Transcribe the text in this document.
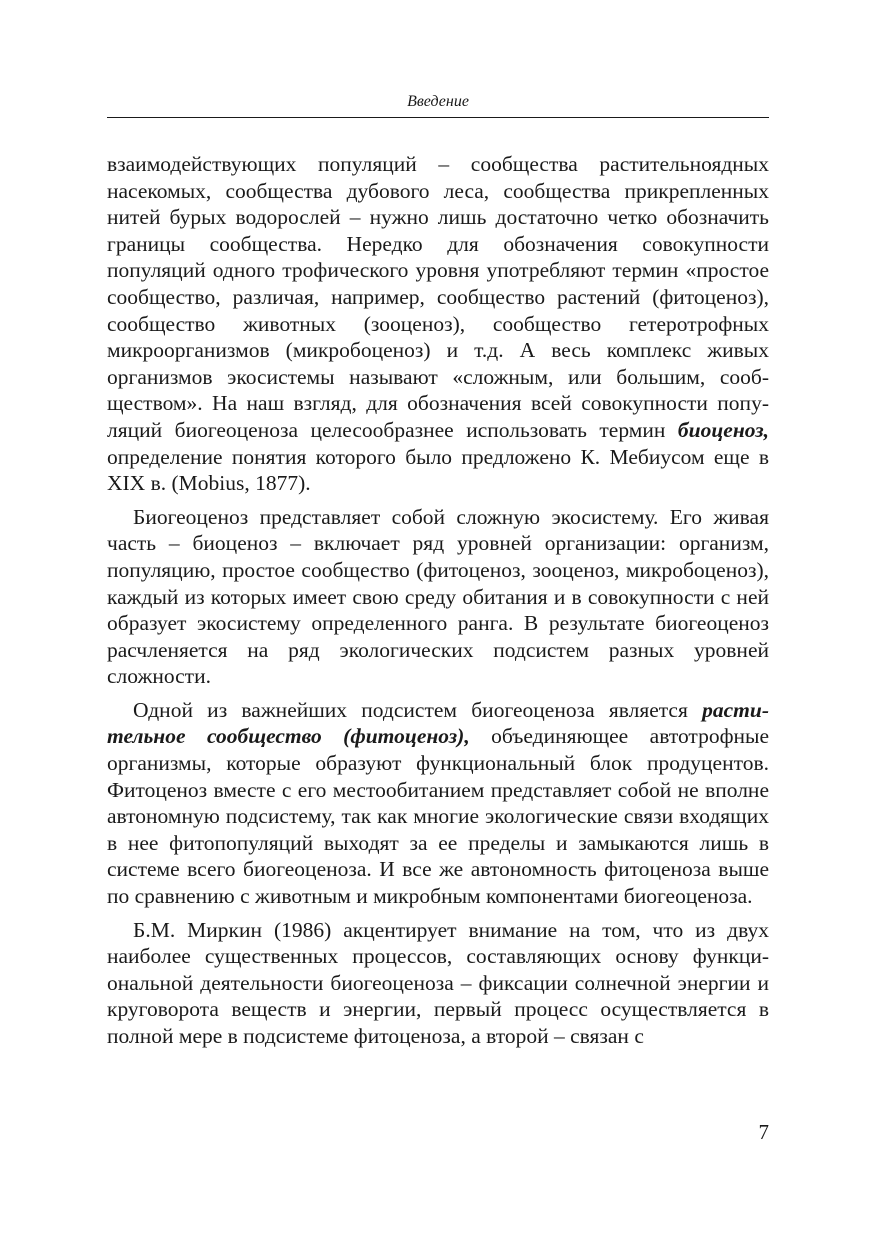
Введение

взаимодействующих популяций – сообщества растительноядных насекомых, сообщества дубового леса, сообщества прикрепленных нитей бурых водорослей – нужно лишь достаточно четко обозначить границы сообщества. Нередко для обозначения совокупности популяций одного трофического уровня употребляют термин «простое сообщество, различая, например, сообщество растений (фитоценоз), сообщество животных (зооценоз), сообщество гетеротрофных микроорганизмов (микробоценоз) и т.д. А весь комплекс живых организмов экосистемы называют «сложным, или большим, сообществом». На наш взгляд, для обозначения всей совокупности популяций биогеоценоза целесообразнее использовать термин биоценоз, определение понятия которого было предложено К. Мебиусом еще в XIX в. (Mobius, 1877).

Биогеоценоз представляет собой сложную экосистему. Его живая часть – биоценоз – включает ряд уровней организации: организм, популяцию, простое сообщество (фитоценоз, зооценоз, микробоценоз), каждый из которых имеет свою среду обитания и в совокупности с ней образует экосистему определенного ранга. В результате биогеоценоз расчленяется на ряд экологических подсистем разных уровней сложности.

Одной из важнейших подсистем биогеоценоза является растительное сообщество (фитоценоз), объединяющее автотрофные организмы, которые образуют функциональный блок продуцентов. Фитоценоз вместе с его местообитанием представляет собой не вполне автономную подсистему, так как многие экологические связи входящих в нее фитопопуляций выходят за ее пределы и замыкаются лишь в системе всего биогеоценоза. И все же автономность фитоценоза выше по сравнению с животным и микробным компонентами биогеоценоза.

Б.М. Миркин (1986) акцентирует внимание на том, что из двух наиболее существенных процессов, составляющих основу функциональной деятельности биогеоценоза – фиксации солнечной энергии и круговорота веществ и энергии, первый процесс осуществляется в полной мере в подсистеме фитоценоза, а второй – связан с

7
